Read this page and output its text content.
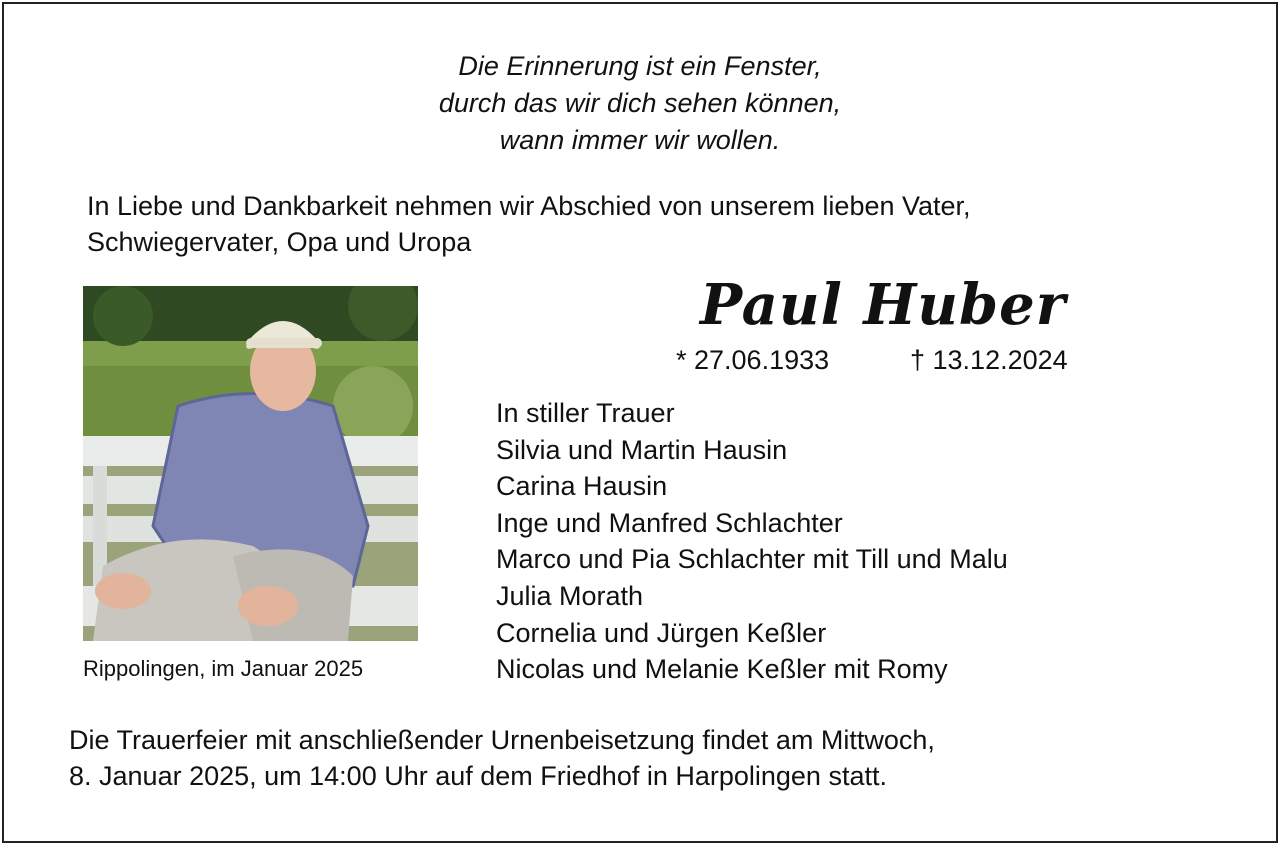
Die Erinnerung ist ein Fenster,
durch das wir dich sehen können,
wann immer wir wollen.
In Liebe und Dankbarkeit nehmen wir Abschied von unserem lieben Vater,
Schwiegervater, Opa und Uropa
Rippolingen, im Januar 2025
Paul Huber
* 27.06.1933	† 13.12.2024
In stiller Trauer
Silvia und Martin Hausin
Carina Hausin
Inge und Manfred Schlachter
Marco und Pia Schlachter mit Till und Malu
Julia Morath
Cornelia und Jürgen Keßler
Nicolas und Melanie Keßler mit Romy
Die Trauerfeier mit anschließender Urnenbeisetzung findet am Mittwoch,
8. Januar 2025, um 14:00 Uhr auf dem Friedhof in Harpolingen statt.
